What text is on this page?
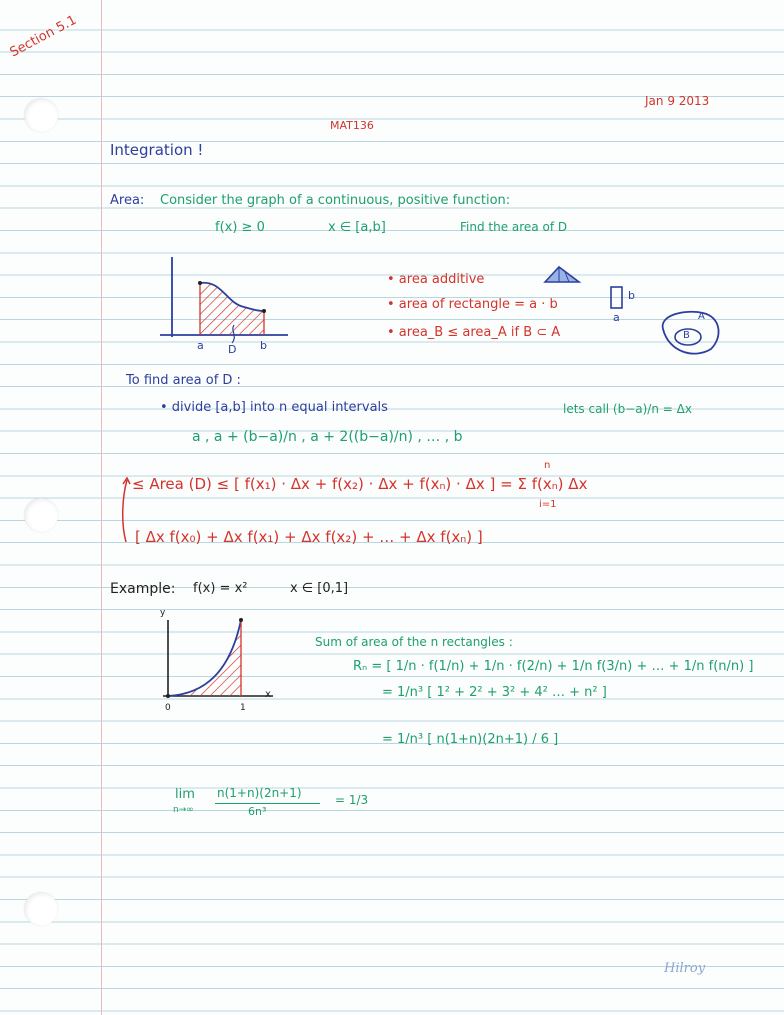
Section 5.1
Jan 9 2013
MAT136
Integration !
Area: Consider the graph of a continuous, positive function:
f(x) ≥ 0	x ∈ [a,b]	Find the area of D
a D b
• area additive
• area of rectangle = a · b
• area_B ≤ area_A if B ⊂ A
b
a	A
B
To find area of D :
• divide [a,b] into n equal intervals	lets call (b−a)/n = Δx
a , a + (b−a)/n , a + 2((b−a)/n) , … , b
≤ Area (D) ≤ [ f(x₁) · Δx + f(x₂) · Δx + f(xₙ) · Δx ] = Σ f(xₙ) Δx
n
i=1
[ Δx f(x₀) + Δx f(x₁) + Δx f(x₂) + … + Δx f(xₙ) ]
Example: f(x) = x²	x ∈ [0,1]
y
x
0	1
Sum of area of the n rectangles :
Rₙ = [ 1/n · f(1/n) + 1/n · f(2/n) + 1/n f(3/n) + … + 1/n f(n/n) ]
= 1/n³ [ 1² + 2² + 3² + 4² … + n² ]
= 1/n³ [ n(1+n)(2n+1) / 6 ]
lim
n→∞
n(1+n)(2n+1)
6n³
= 1/3
Hilroy
